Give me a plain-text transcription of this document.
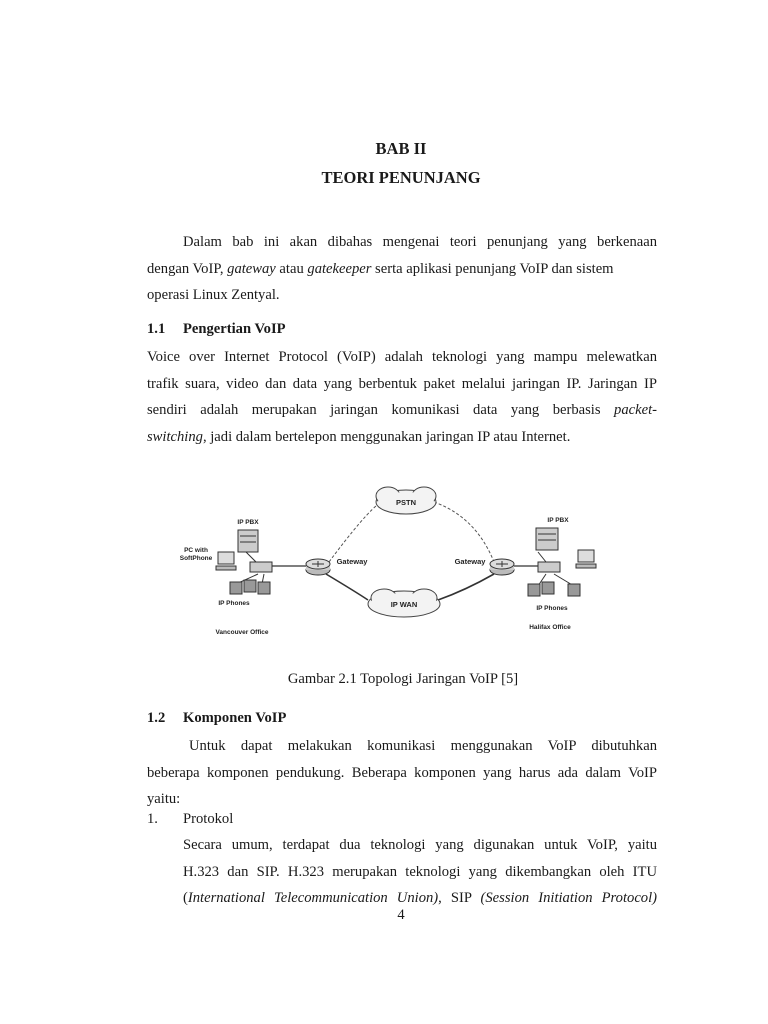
BAB II
TEORI PENUNJANG
Dalam bab ini akan dibahas mengenai teori penunjang yang berkenaan
dengan VoIP, gateway atau gatekeeper serta aplikasi penunjang VoIP dan sistem
operasi Linux Zentyal.
1.1 Pengertian VoIP
Voice over Internet Protocol (VoIP) adalah teknologi yang mampu melewatkan
trafik suara, video dan data yang berbentuk paket melalui jaringan IP. Jaringan IP
sendiri adalah merupakan jaringan komunikasi data yang berbasis packet-
switching, jadi dalam bertelepon menggunakan jaringan IP atau Internet.
PSTN
IP WAN
Gateway	Gateway
IP PBX
PC with
SoftPhone
IP Phones
Vancouver Office
IP PBX
IP Phones
Halifax Office
Gambar 2.1 Topologi Jaringan VoIP [5]
1.2 Komponen VoIP
Untuk dapat melakukan komunikasi menggunakan VoIP dibutuhkan
beberapa komponen pendukung. Beberapa komponen yang harus ada dalam VoIP
yaitu:
1. Protokol
Secara umum, terdapat dua teknologi yang digunakan untuk VoIP, yaitu
H.323 dan SIP. H.323 merupakan teknologi yang dikembangkan oleh ITU
(International Telecommunication Union), SIP (Session Initiation Protocol)
4
